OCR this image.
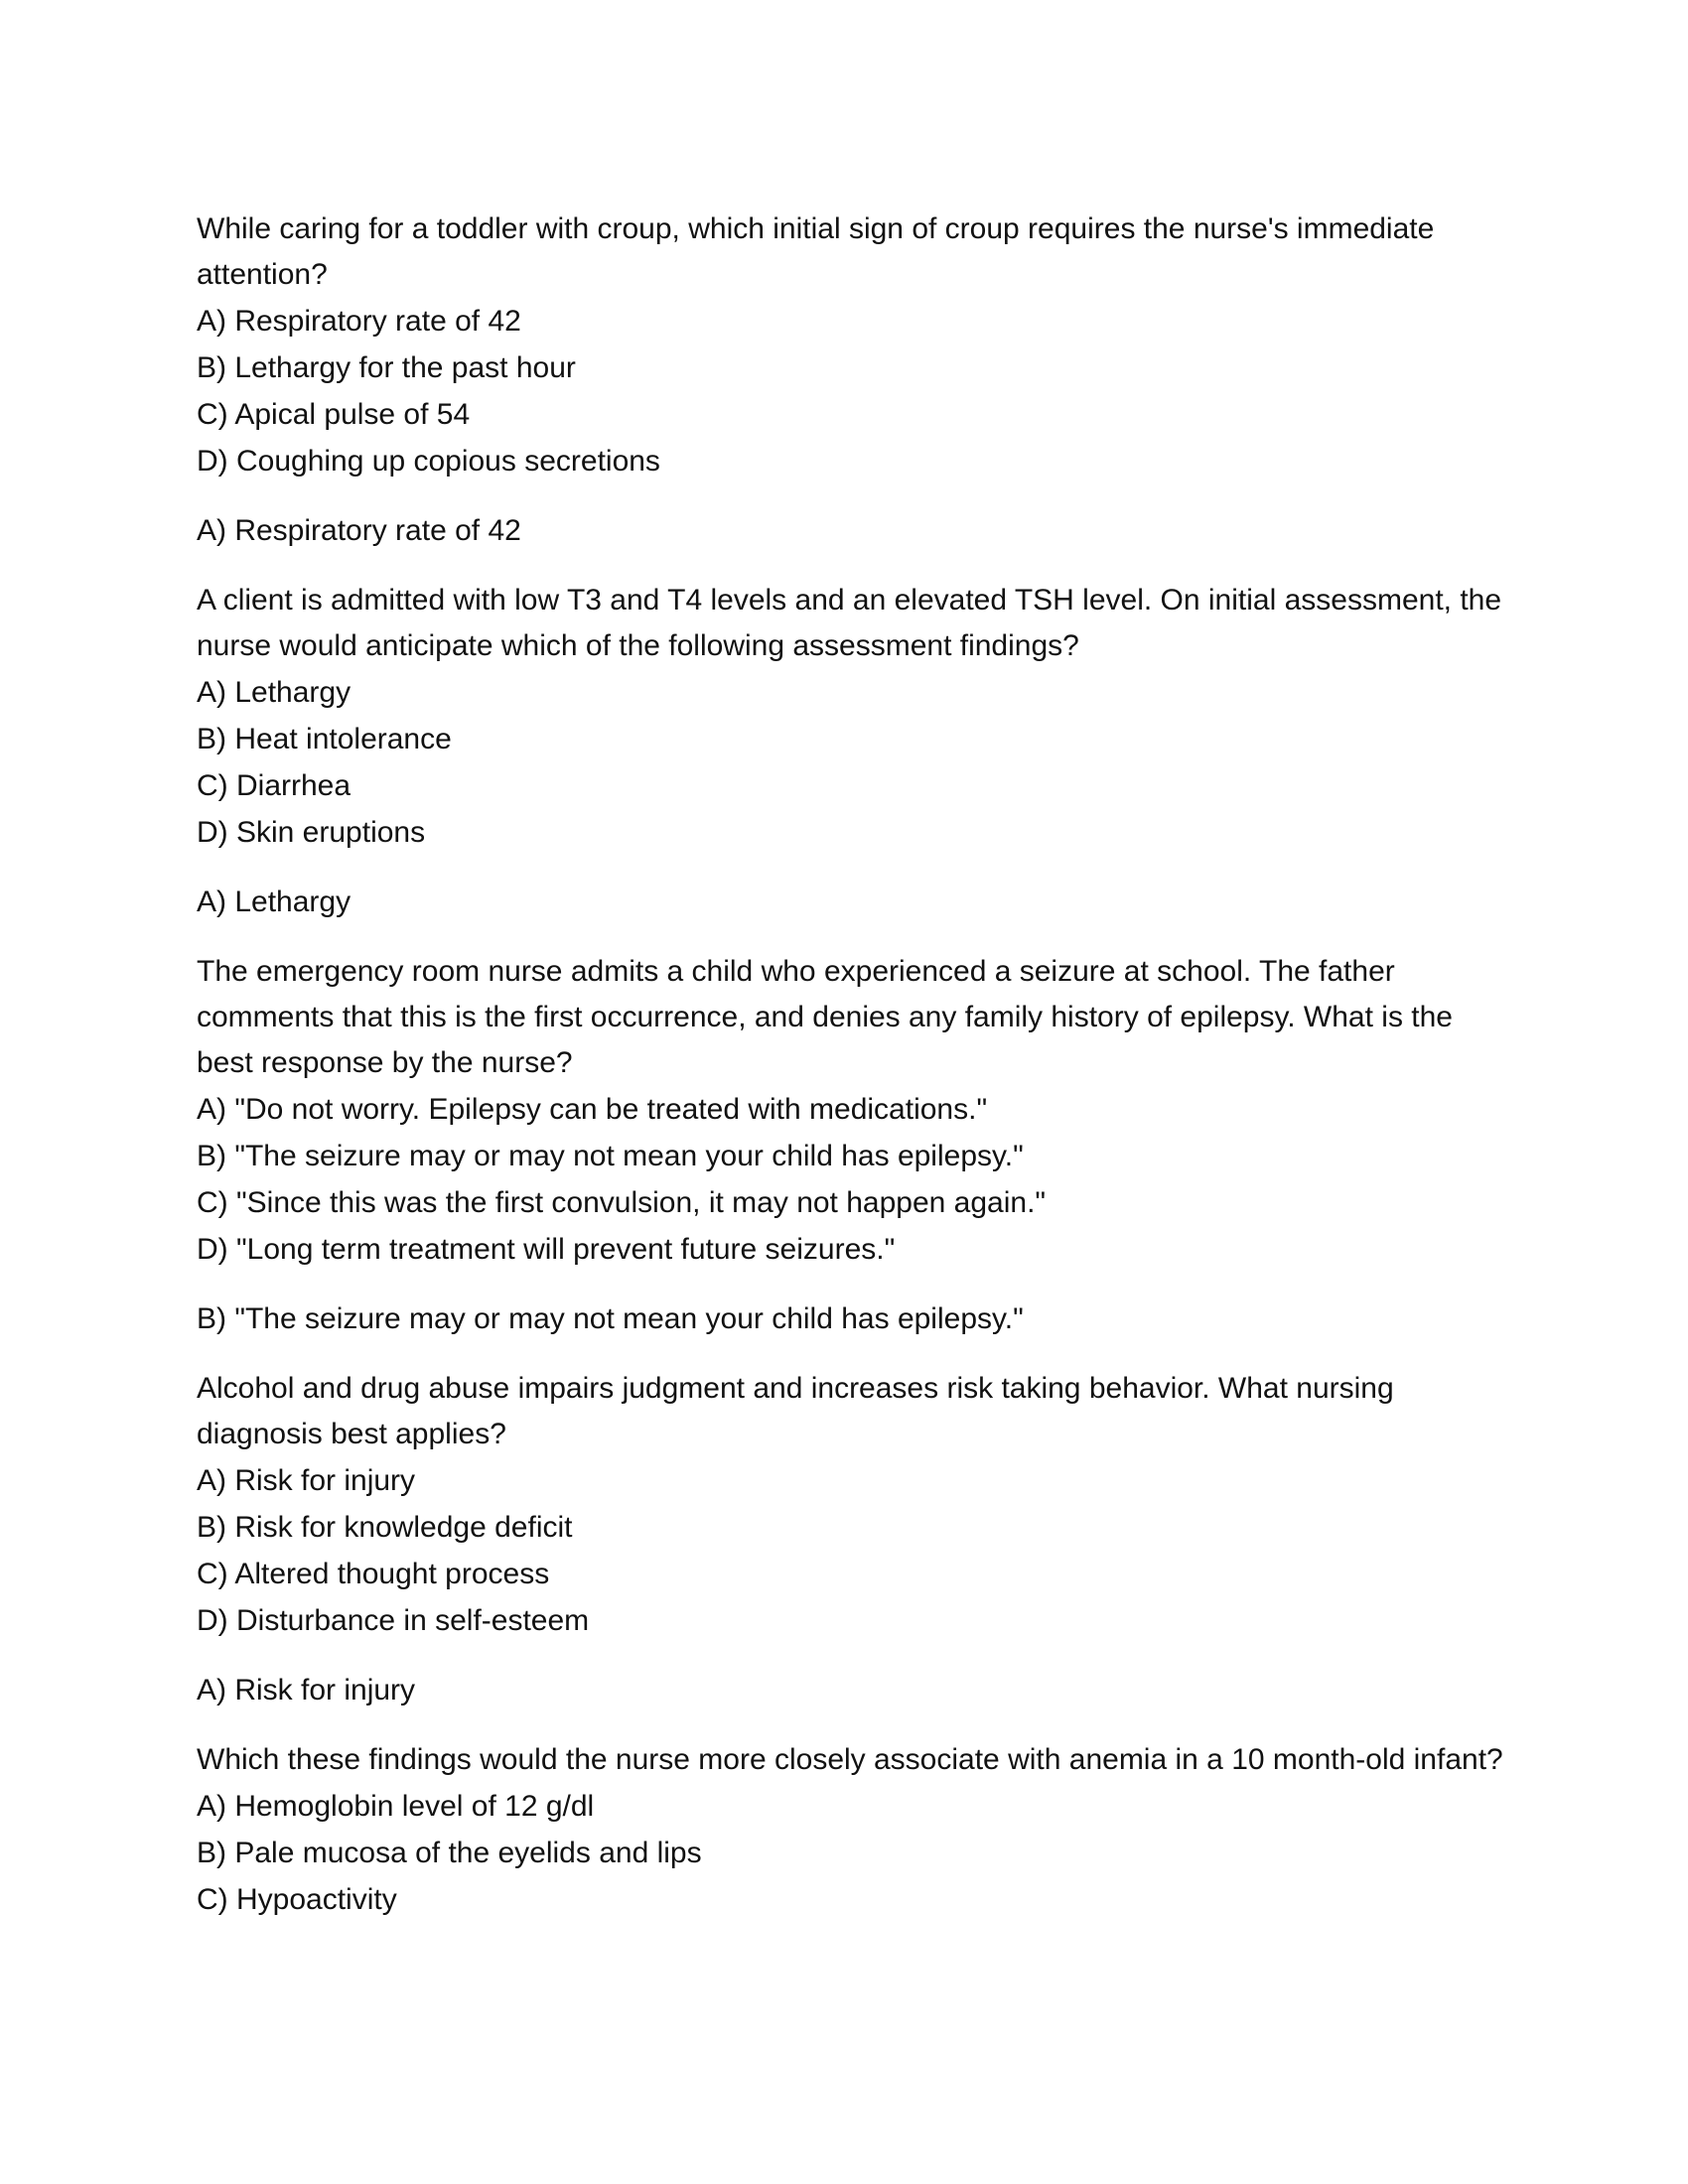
While caring for a toddler with croup, which initial sign of croup requires the nurse's immediate attention?

A) Respiratory rate of 42
B) Lethargy for the past hour
C) Apical pulse of 54
D) Coughing up copious secretions

A) Respiratory rate of 42

A client is admitted with low T3 and T4 levels and an elevated TSH level. On initial assessment, the nurse would anticipate which of the following assessment findings?

A) Lethargy
B) Heat intolerance
C) Diarrhea
D) Skin eruptions

A) Lethargy

The emergency room nurse admits a child who experienced a seizure at school. The father comments that this is the first occurrence, and denies any family history of epilepsy. What is the best response by the nurse?

A) "Do not worry. Epilepsy can be treated with medications."
B) "The seizure may or may not mean your child has epilepsy."
C) "Since this was the first convulsion, it may not happen again."
D) "Long term treatment will prevent future seizures."

B) "The seizure may or may not mean your child has epilepsy."

Alcohol and drug abuse impairs judgment and increases risk taking behavior. What nursing diagnosis best applies?

A) Risk for injury
B) Risk for knowledge deficit
C) Altered thought process
D) Disturbance in self-esteem

A) Risk for injury

Which these findings would the nurse more closely associate with anemia in a 10 month-old infant?

A) Hemoglobin level of 12 g/dl
B) Pale mucosa of the eyelids and lips
C) Hypoactivity
